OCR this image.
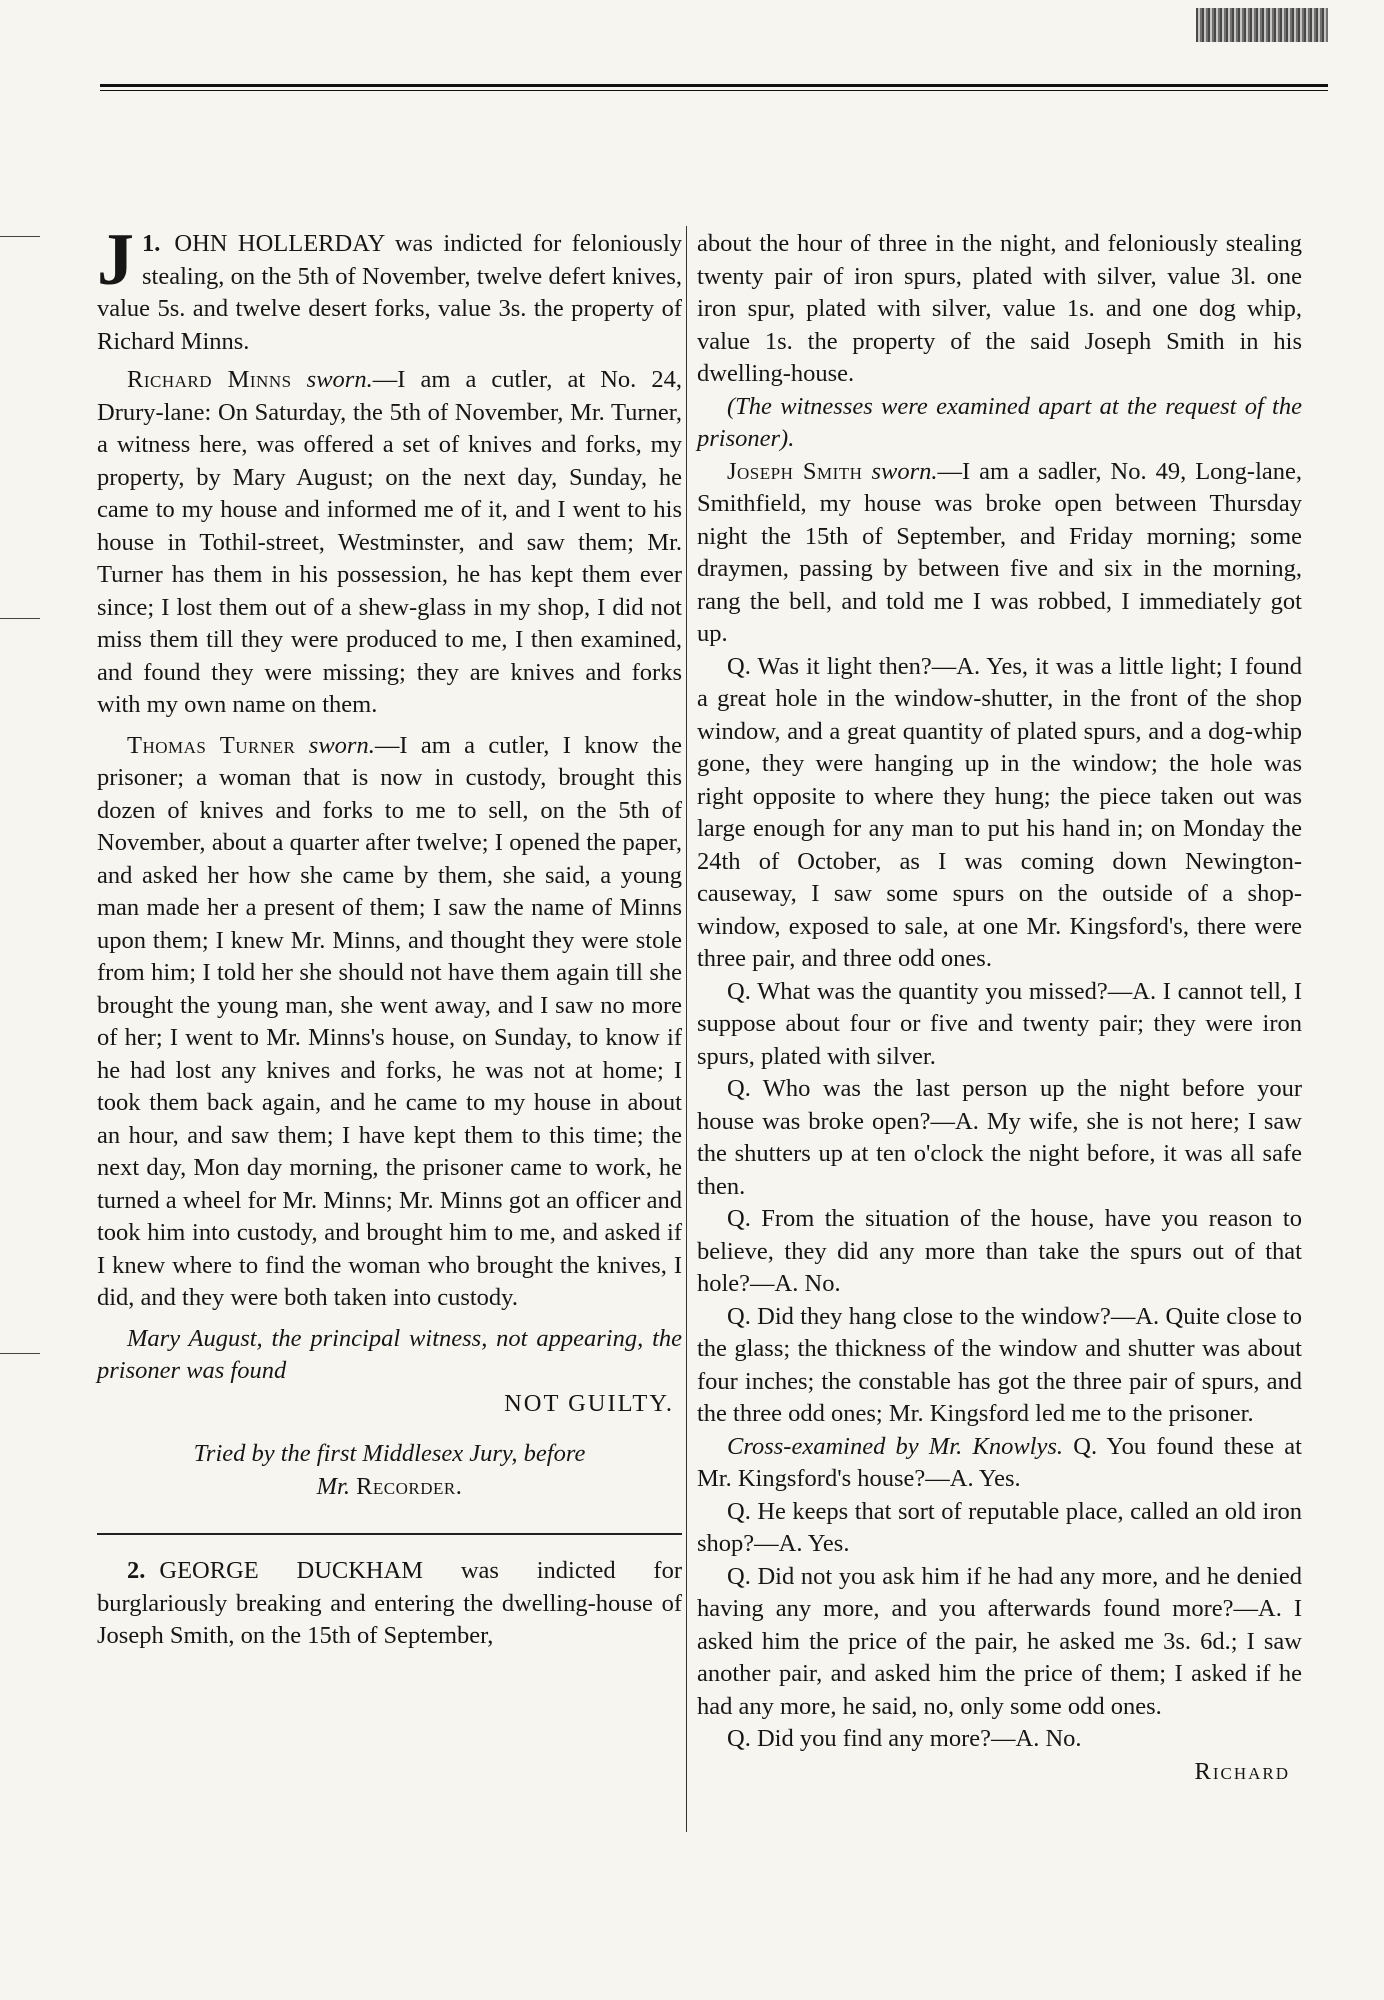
1.
J OHN HOLLERDAY was indicted for feloniously stealing, on the 5th of November, twelve defert knives, value 5s. and twelve desert forks, value 3s. the property of Richard Minns.

Richard Minns sworn.—I am a cutler, at No. 24, Drury-lane: On Saturday, the 5th of November, Mr. Turner, a witness here, was offered a set of knives and forks, my property, by Mary August; on the next day, Sunday, he came to my house and informed me of it, and I went to his house in Tothil-street, Westminster, and saw them; Mr. Turner has them in his possession, he has kept them ever since; I lost them out of a shew-glass in my shop, I did not miss them till they were produced to me, I then examined, and found they were missing; they are knives and forks with my own name on them.

Thomas Turner sworn.—I am a cutler, I know the prisoner; a woman that is now in custody, brought this dozen of knives and forks to me to sell, on the 5th of November, about a quarter after twelve; I opened the paper, and asked her how she came by them, she said, a young man made her a present of them; I saw the name of Minns upon them; I knew Mr. Minns, and thought they were stole from him; I told her she should not have them again till she brought the young man, she went away, and I saw no more of her; I went to Mr. Minns's house, on Sunday, to know if he had lost any knives and forks, he was not at home; I took them back again, and he came to my house in about an hour, and saw them; I have kept them to this time; the next day, Mon day morning, the prisoner came to work, he turned a wheel for Mr. Minns; Mr. Minns got an officer and took him into custody, and brought him to me, and asked if I knew where to find the woman who brought the knives, I did, and they were both taken into custody.

Mary August, the principal witness, not appearing, the prisoner was found

NOT GUILTY.

Tried by the first Middlesex Jury, before

Mr. Recorder.

2. GEORGE DUCKHAM was indicted for burglariously breaking and entering the dwelling-house of Joseph Smith, on the 15th of September,

about the hour of three in the night, and feloniously stealing twenty pair of iron spurs, plated with silver, value 3l. one iron spur, plated with silver, value 1s. and one dog whip, value 1s. the property of the said Joseph Smith in his dwelling-house.

(The witnesses were examined apart at the request of the prisoner).

Joseph Smith sworn.—I am a sadler, No. 49, Long-lane, Smithfield, my house was broke open between Thursday night the 15th of September, and Friday morning; some draymen, passing by between five and six in the morning, rang the bell, and told me I was robbed, I immediately got up.

Q. Was it light then?—A. Yes, it was a little light; I found a great hole in the window-shutter, in the front of the shop window, and a great quantity of plated spurs, and a dog-whip gone, they were hanging up in the window; the hole was right opposite to where they hung; the piece taken out was large enough for any man to put his hand in; on Monday the 24th of October, as I was coming down Newington-causeway, I saw some spurs on the outside of a shop-window, exposed to sale, at one Mr. Kingsford's, there were three pair, and three odd ones.

Q. What was the quantity you missed?—A. I cannot tell, I suppose about four or five and twenty pair; they were iron spurs, plated with silver.

Q. Who was the last person up the night before your house was broke open?—A. My wife, she is not here; I saw the shutters up at ten o'clock the night before, it was all safe then.

Q. From the situation of the house, have you reason to believe, they did any more than take the spurs out of that hole?—A. No.

Q. Did they hang close to the window?—A. Quite close to the glass; the thickness of the window and shutter was about four inches; the constable has got the three pair of spurs, and the three odd ones; Mr. Kingsford led me to the prisoner.

Cross-examined by Mr. Knowlys. Q. You found these at Mr. Kingsford's house?—A. Yes.

Q. He keeps that sort of reputable place, called an old iron shop?—A. Yes.

Q. Did not you ask him if he had any more, and he denied having any more, and you afterwards found more?—A. I asked him the price of the pair, he asked me 3s. 6d.; I saw another pair, and asked him the price of them; I asked if he had any more, he said, no, only some odd ones.

Q. Did you find any more?—A. No.

Richard
